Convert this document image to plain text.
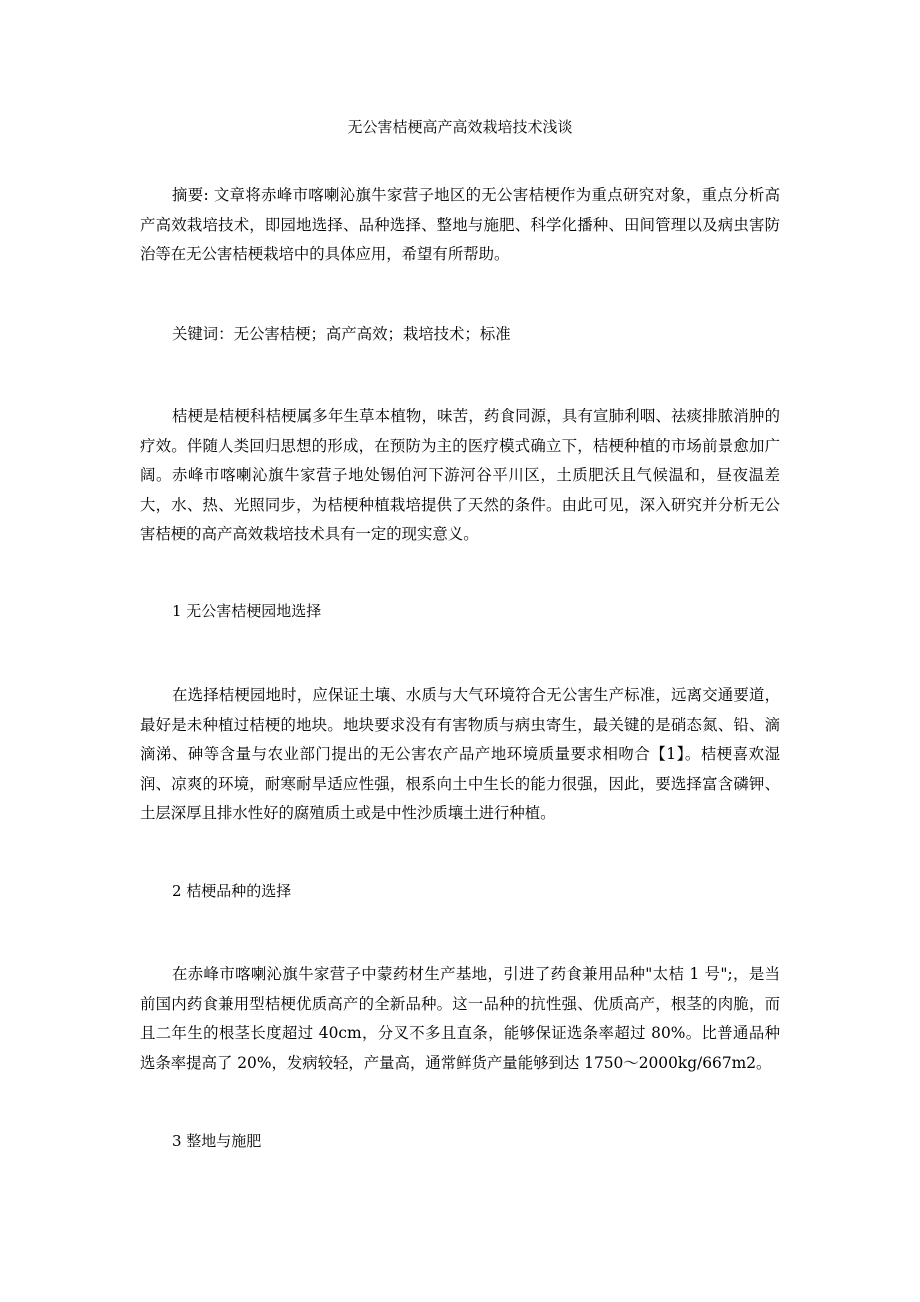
无公害桔梗高产高效栽培技术浅谈
摘要: 文章将赤峰市喀喇沁旗牛家营子地区的无公害桔梗作为重点研究对象，重点分析高产高效栽培技术，即园地选择、品种选择、整地与施肥、科学化播种、田间管理以及病虫害防治等在无公害桔梗栽培中的具体应用，希望有所帮助。
关键词：无公害桔梗；高产高效；栽培技术；标准
桔梗是桔梗科桔梗属多年生草本植物，味苦，药食同源，具有宣肺利咽、祛痰排脓消肿的疗效。伴随人类回归思想的形成，在预防为主的医疗模式确立下，桔梗种植的市场前景愈加广阔。赤峰市喀喇沁旗牛家营子地处锡伯河下游河谷平川区，土质肥沃且气候温和，昼夜温差大，水、热、光照同步，为桔梗种植栽培提供了天然的条件。由此可见，深入研究并分析无公害桔梗的高产高效栽培技术具有一定的现实意义。
1 无公害桔梗园地选择
在选择桔梗园地时，应保证土壤、水质与大气环境符合无公害生产标准，远离交通要道，最好是未种植过桔梗的地块。地块要求没有有害物质与病虫寄生，最关键的是硝态氮、铅、滴滴涕、砷等含量与农业部门提出的无公害农产品产地环境质量要求相吻合【1】。桔梗喜欢湿润、凉爽的环境，耐寒耐旱适应性强，根系向土中生长的能力很强，因此，要选择富含磷钾、土层深厚且排水性好的腐殖质土或是中性沙质壤土进行种植。
2 桔梗品种的选择
在赤峰市喀喇沁旗牛家营子中蒙药材生产基地，引进了药食兼用品种"太桔 1 号";，是当前国内药食兼用型桔梗优质高产的全新品种。这一品种的抗性强、优质高产，根茎的肉脆，而且二年生的根茎长度超过 40cm，分叉不多且直条，能够保证选条率超过 80%。比普通品种选条率提高了 20%，发病较轻，产量高，通常鲜货产量能够到达 1750～2000kg/667m2。
3 整地与施肥
